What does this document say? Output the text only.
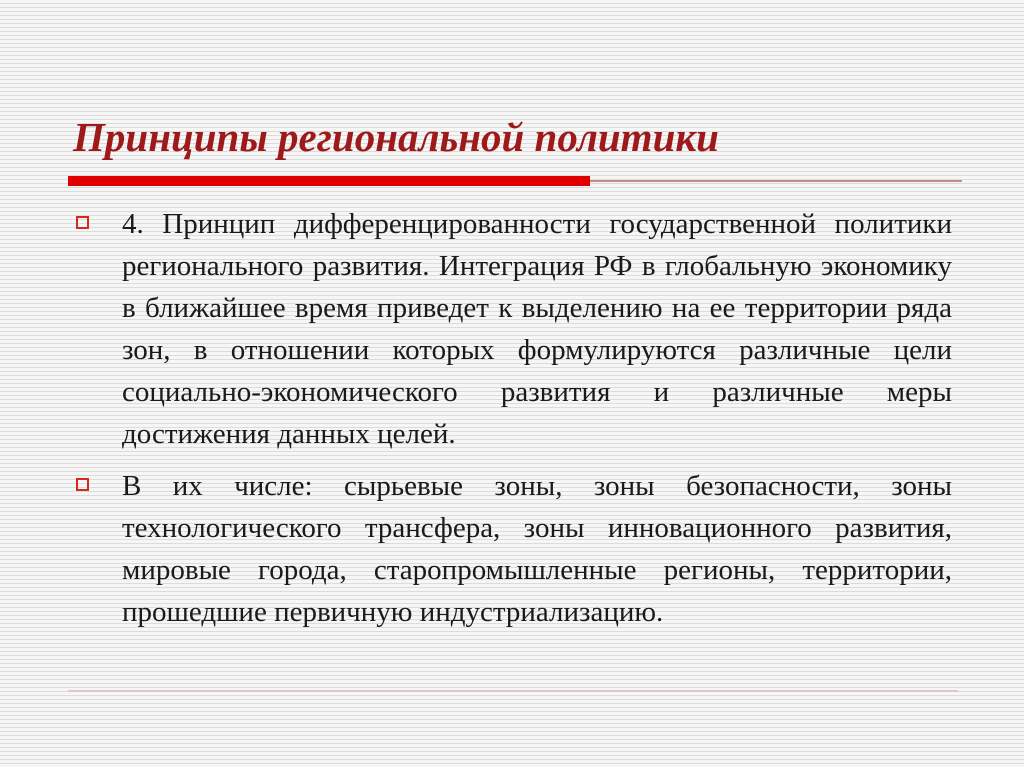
Принципы региональной политики

4. Принцип дифференцированности государственной политики регионального развития. Интеграция РФ в глобальную экономику в ближайшее время приведет к выделению на ее территории ряда зон, в отношении которых формулируются различные цели социально-экономического развития и различные меры достижения данных целей.

В их числе: сырьевые зоны, зоны безопасности, зоны технологического трансфера, зоны инновационного развития, мировые города, старопромышленные регионы, территории, прошедшие первичную индустриализацию.
